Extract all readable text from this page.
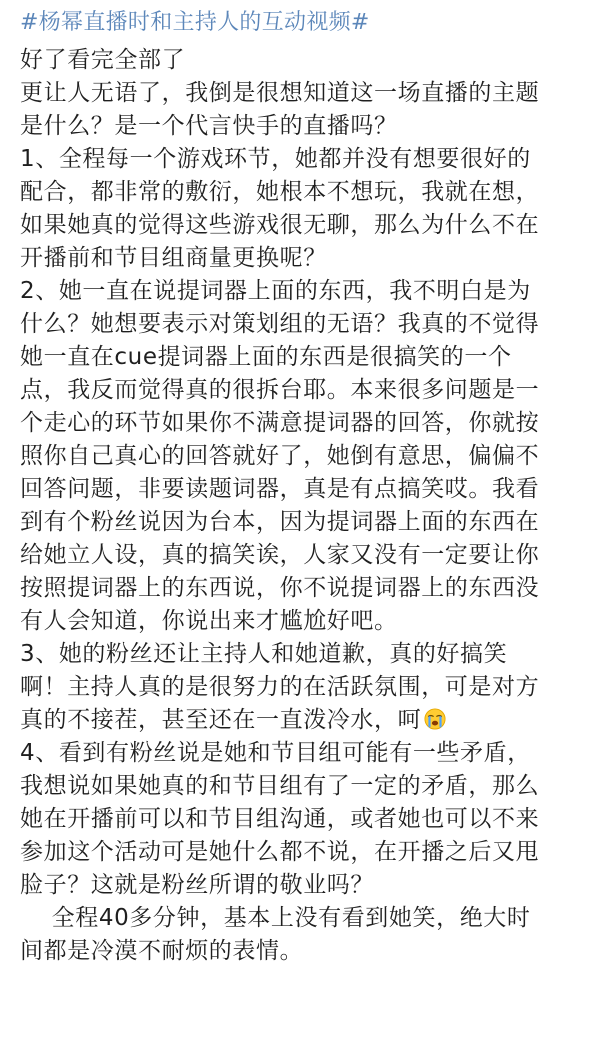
#杨幂直播时和主持人的互动视频#
好了看完全部了
更让人无语了，我倒是很想知道这一场直播的主题
是什么？是一个代言快手的直播吗？
1、全程每一个游戏环节，她都并没有想要很好的
配合，都非常的敷衍，她根本不想玩，我就在想，
如果她真的觉得这些游戏很无聊，那么为什么不在
开播前和节目组商量更换呢？
2、她一直在说提词器上面的东西，我不明白是为
什么？她想要表示对策划组的无语？我真的不觉得
她一直在cue提词器上面的东西是很搞笑的一个
点，我反而觉得真的很拆台耶。本来很多问题是一
个走心的环节如果你不满意提词器的回答，你就按
照你自己真心的回答就好了，她倒有意思，偏偏不
回答问题，非要读题词器，真是有点搞笑哎。我看
到有个粉丝说因为台本，因为提词器上面的东西在
给她立人设，真的搞笑诶，人家又没有一定要让你
按照提词器上的东西说，你不说提词器上的东西没
有人会知道，你说出来才尴尬好吧。
3、她的粉丝还让主持人和她道歉，真的好搞笑
啊！主持人真的是很努力的在活跃氛围，可是对方
真的不接茬，甚至还在一直泼冷水，呵
4、看到有粉丝说是她和节目组可能有一些矛盾，
我想说如果她真的和节目组有了一定的矛盾，那么
她在开播前可以和节目组沟通，或者她也可以不来
参加这个活动可是她什么都不说，在开播之后又甩
脸子？这就是粉丝所谓的敬业吗？
全程40多分钟，基本上没有看到她笑，绝大时
间都是冷漠不耐烦的表情。
